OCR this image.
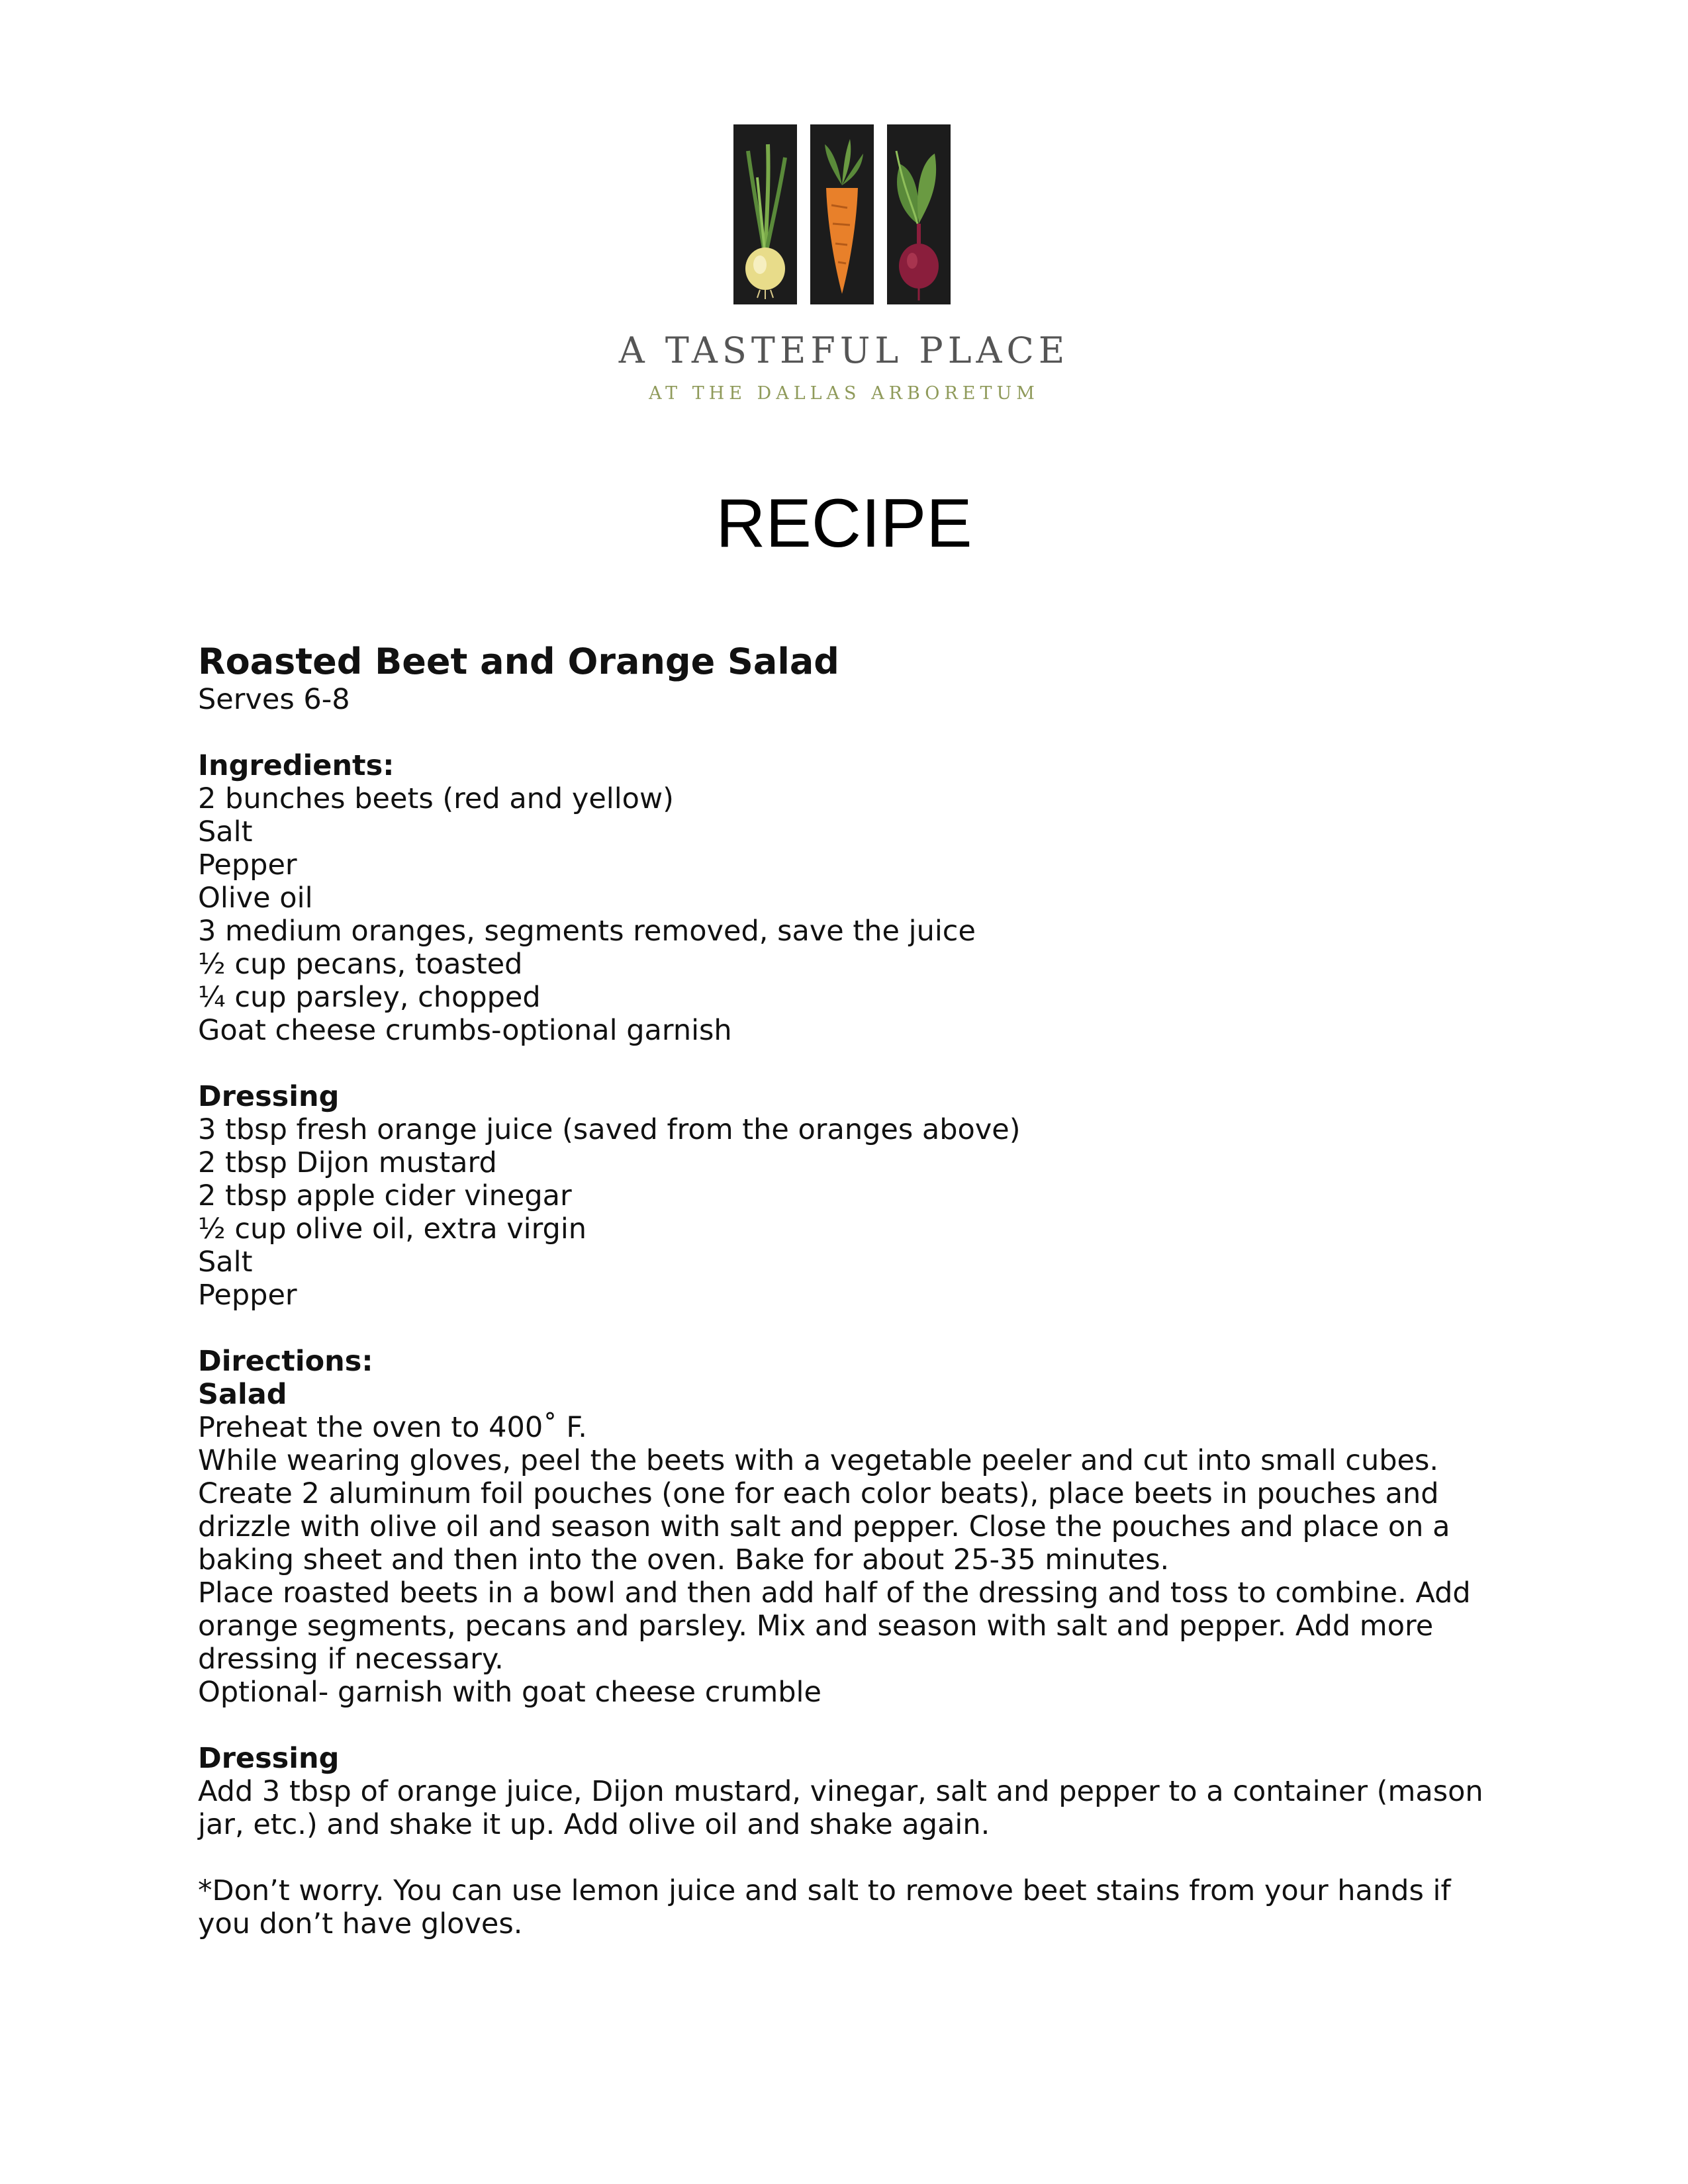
A TASTEFUL PLACE
AT THE DALLAS ARBORETUM
RECIPE
Roasted Beet and Orange Salad
Serves 6-8
Ingredients:
2 bunches beets (red and yellow)
Salt
Pepper
Olive oil
3 medium oranges, segments removed, save the juice
½ cup pecans, toasted
¼ cup parsley, chopped
Goat cheese crumbs-optional garnish
Dressing
3 tbsp fresh orange juice (saved from the oranges above)
2 tbsp Dijon mustard
2 tbsp apple cider vinegar
½ cup olive oil, extra virgin
Salt
Pepper
Directions:
Salad
Preheat the oven to 400˚ F.
While wearing gloves, peel the beets with a vegetable peeler and cut into small cubes.
Create 2 aluminum foil pouches (one for each color beats), place beets in pouches and drizzle with olive oil and season with salt and pepper. Close the pouches and place on a baking sheet and then into the oven. Bake for about 25-35 minutes.
Place roasted beets in a bowl and then add half of the dressing and toss to combine. Add orange segments, pecans and parsley. Mix and season with salt and pepper. Add more dressing if necessary.
Optional- garnish with goat cheese crumble
Dressing
Add 3 tbsp of orange juice, Dijon mustard, vinegar, salt and pepper to a container (mason jar, etc.) and shake it up. Add olive oil and shake again.
*Don’t worry. You can use lemon juice and salt to remove beet stains from your hands if you don’t have gloves.
